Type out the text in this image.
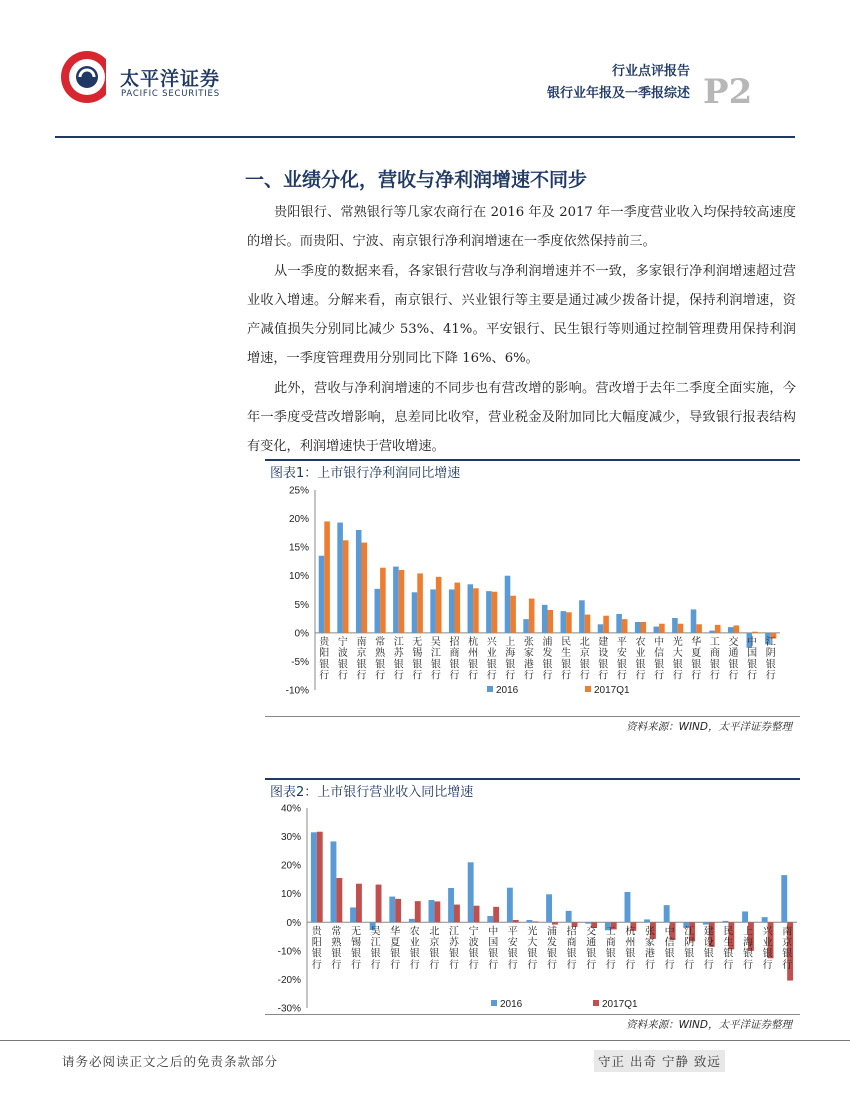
太平洋证券
PACIFIC SECURITIES
行业点评报告
银行业年报及一季报综述 P2
一、业绩分化，营收与净利润增速不同步

贵阳银行、常熟银行等几家农商行在 2016 年及 2017 年一季度营业收入均保持较高速度的增长。而贵阳、宁波、南京银行净利润增速在一季度依然保持前三。

从一季度的数据来看，各家银行营收与净利润增速并不一致，多家银行净利润增速超过营业收入增速。分解来看，南京银行、兴业银行等主要是通过减少拨备计提，保持利润增速，资产减值损失分别同比减少 53%、41%。平安银行、民生银行等则通过控制管理费用保持利润增速，一季度管理费用分别同比下降 16%、6%。

此外，营收与净利润增速的不同步也有营改增的影响。营改增于去年二季度全面实施，今年一季度受营改增影响，息差同比收窄，营业税金及附加同比大幅度减少，导致银行报表结构有变化，利润增速快于营收增速。

图表1：上市银行净利润同比增速
-10%
-5%
0%
5%
10%
15%
20%
25%
贵
阳
银
行
宁
波
银
行
南
京
银
行
常
熟
银
行
江
苏
银
行
无
锡
银
行
吴
江
银
行
招
商
银
行
杭
州
银
行
兴
业
银
行
上
海
银
行
张
家
港
行
浦
发
银
行
民
生
银
行
北
京
银
行
建
设
银
行
平
安
银
行
农
业
银
行
中
信
银
行
光
大
银
行
华
夏
银
行
工
商
银
行
交
通
银
行
中
国
银
行
江
阴
银
行
2016	2017Q1
资料来源：WIND，太平洋证券整理
图表2：上市银行营业收入同比增速
-30%
-20%
-10%
0%
10%
20%
30%
40%
贵
阳
银
行
常
熟
银
行
无
锡
银
行
吴
江
银
行
华
夏
银
行
农
业
银
行
北
京
银
行
江
苏
银
行
宁
波
银
行
中
国
银
行
平
安
银
行
光
大
银
行
浦
发
银
行
招
商
银
行
交
通
银
行
工
商
银
行
杭
州
银
行
张
家
港
行
中
信
银
行
江
阴
银
行
建
设
银
行
民
生
银
行
上
海
银
行
兴
业
银
行
南
京
银
行
2016	2017Q1
资料来源：WIND，太平洋证券整理
请务必阅读正文之后的免责条款部分	守正 出奇 宁静 致远
